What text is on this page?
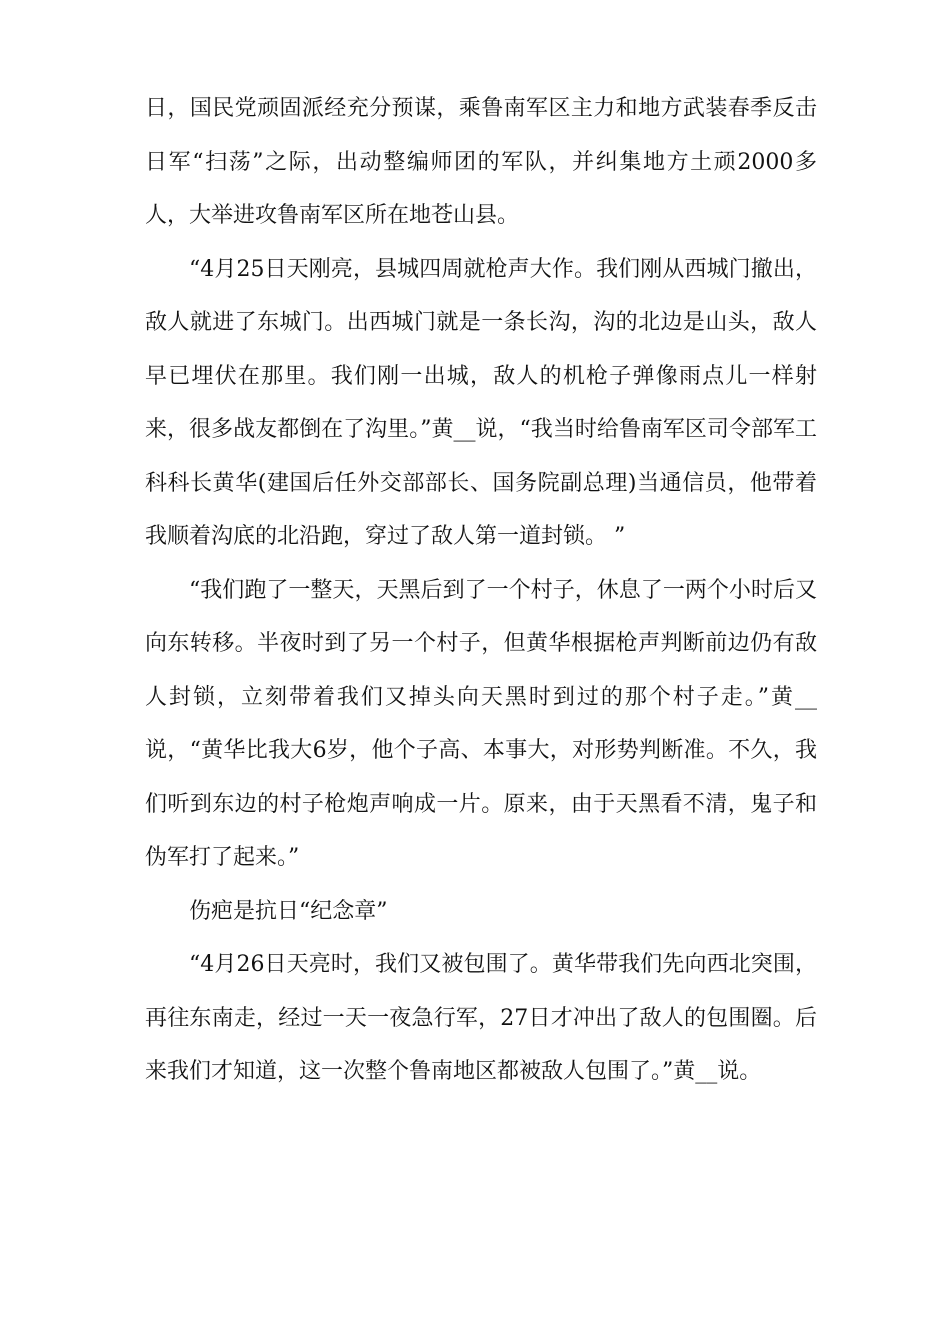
日，国民党顽固派经充分预谋，乘鲁南军区主力和地方武装春季反击日军“扫荡”之际，出动整编师团的军队，并纠集地方土顽2000多人，大举进攻鲁南军区所在地苍山县。

“4月25日天刚亮，县城四周就枪声大作。我们刚从西城门撤出，敌人就进了东城门。出西城门就是一条长沟，沟的北边是山头，敌人早已埋伏在那里。我们刚一出城，敌人的机枪子弹像雨点儿一样射来，很多战友都倒在了沟里。”黄__说，“我当时给鲁南军区司令部军工科科长黄华(建国后任外交部部长、国务院副总理)当通信员，他带着我顺着沟底的北沿跑，穿过了敌人第一道封锁。 ”

“我们跑了一整天，天黑后到了一个村子，休息了一两个小时后又向东转移。半夜时到了另一个村子，但黄华根据枪声判断前边仍有敌人封锁，立刻带着我们又掉头向天黑时到过的那个村子走。”黄__说，“黄华比我大6岁，他个子高、本事大，对形势判断准。不久，我们听到东边的村子枪炮声响成一片。原来，由于天黑看不清，鬼子和伪军打了起来。”

伤疤是抗日“纪念章”

“4月26日天亮时，我们又被包围了。黄华带我们先向西北突围，再往东南走，经过一天一夜急行军，27日才冲出了敌人的包围圈。后来我们才知道，这一次整个鲁南地区都被敌人包围了。”黄__说。
